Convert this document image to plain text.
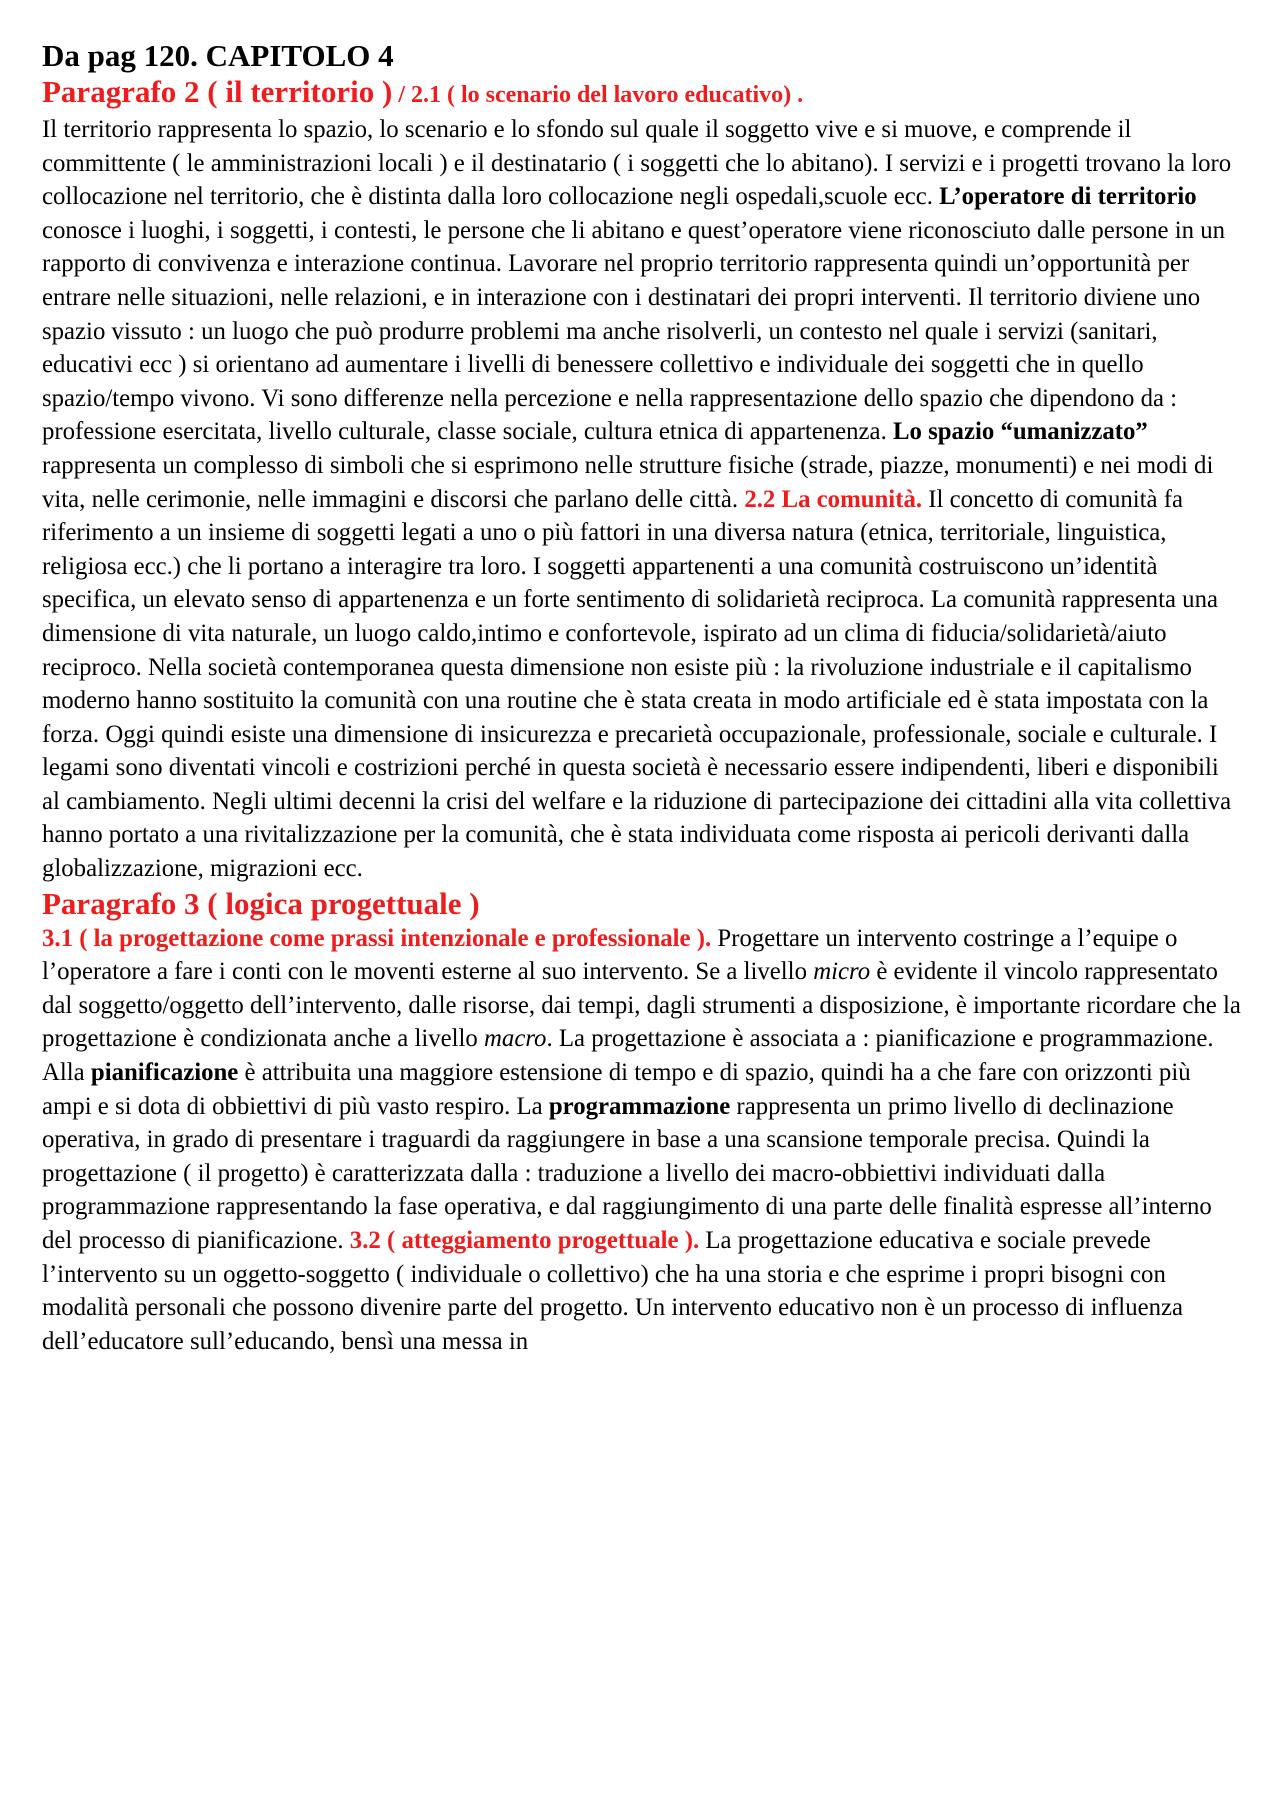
Da pag 120. CAPITOLO 4

Paragrafo 2 ( il territorio ) / 2.1 ( lo scenario del lavoro educativo) .

Il territorio rappresenta lo spazio, lo scenario e lo sfondo sul quale il soggetto vive e si muove, e comprende il committente ( le amministrazioni locali ) e il destinatario ( i soggetti che lo abitano). I servizi e i progetti trovano la loro collocazione nel territorio, che è distinta dalla loro collocazione negli ospedali,scuole ecc. L’operatore di territorio conosce i luoghi, i soggetti, i contesti, le persone che li abitano e quest’operatore viene riconosciuto dalle persone in un rapporto di convivenza e interazione continua. Lavorare nel proprio territorio rappresenta quindi un’opportunità per entrare nelle situazioni, nelle relazioni, e in interazione con i destinatari dei propri interventi. Il territorio diviene uno spazio vissuto : un luogo che può produrre problemi ma anche risolverli, un contesto nel quale i servizi (sanitari, educativi ecc ) si orientano ad aumentare i livelli di benessere collettivo e individuale dei soggetti che in quello spazio/tempo vivono. Vi sono differenze nella percezione e nella rappresentazione dello spazio che dipendono da : professione esercitata, livello culturale, classe sociale, cultura etnica di appartenenza. Lo spazio “umanizzato” rappresenta un complesso di simboli che si esprimono nelle strutture fisiche (strade, piazze, monumenti) e nei modi di vita, nelle cerimonie, nelle immagini e discorsi che parlano delle città. 2.2 La comunità. Il concetto di comunità fa riferimento a un insieme di soggetti legati a uno o più fattori in una diversa natura (etnica, territoriale, linguistica, religiosa ecc.) che li portano a interagire tra loro. I soggetti appartenenti a una comunità costruiscono un’identità specifica, un elevato senso di appartenenza e un forte sentimento di solidarietà reciproca. La comunità rappresenta una dimensione di vita naturale, un luogo caldo,intimo e confortevole, ispirato ad un clima di fiducia/solidarietà/aiuto reciproco. Nella società contemporanea questa dimensione non esiste più : la rivoluzione industriale e il capitalismo moderno hanno sostituito la comunità con una routine che è stata creata in modo artificiale ed è stata impostata con la forza. Oggi quindi esiste una dimensione di insicurezza e precarietà occupazionale, professionale, sociale e culturale. I legami sono diventati vincoli e costrizioni perché in questa società è necessario essere indipendenti, liberi e disponibili al cambiamento. Negli ultimi decenni la crisi del welfare e la riduzione di partecipazione dei cittadini alla vita collettiva hanno portato a una rivitalizzazione per la comunità, che è stata individuata come risposta ai pericoli derivanti dalla globalizzazione, migrazioni ecc.

Paragrafo 3 ( logica progettuale )

3.1 ( la progettazione come prassi intenzionale e professionale ). Progettare un intervento costringe a l’equipe o l’operatore a fare i conti con le moventi esterne al suo intervento. Se a livello micro è evidente il vincolo rappresentato dal soggetto/oggetto dell’intervento, dalle risorse, dai tempi, dagli strumenti a disposizione, è importante ricordare che la progettazione è condizionata anche a livello macro. La progettazione è associata a : pianificazione e programmazione. Alla pianificazione è attribuita una maggiore estensione di tempo e di spazio, quindi ha a che fare con orizzonti più ampi e si dota di obbiettivi di più vasto respiro. La programmazione rappresenta un primo livello di declinazione operativa, in grado di presentare i traguardi da raggiungere in base a una scansione temporale precisa. Quindi la progettazione ( il progetto) è caratterizzata dalla : traduzione a livello dei macro-obbiettivi individuati dalla programmazione rappresentando la fase operativa, e dal raggiungimento di una parte delle finalità espresse all’interno del processo di pianificazione. 3.2 ( atteggiamento progettuale ). La progettazione educativa e sociale prevede l’intervento su un oggetto-soggetto ( individuale o collettivo) che ha una storia e che esprime i propri bisogni con modalità personali che possono divenire parte del progetto. Un intervento educativo non è un processo di influenza dell’educatore sull’educando, bensì una messa in
